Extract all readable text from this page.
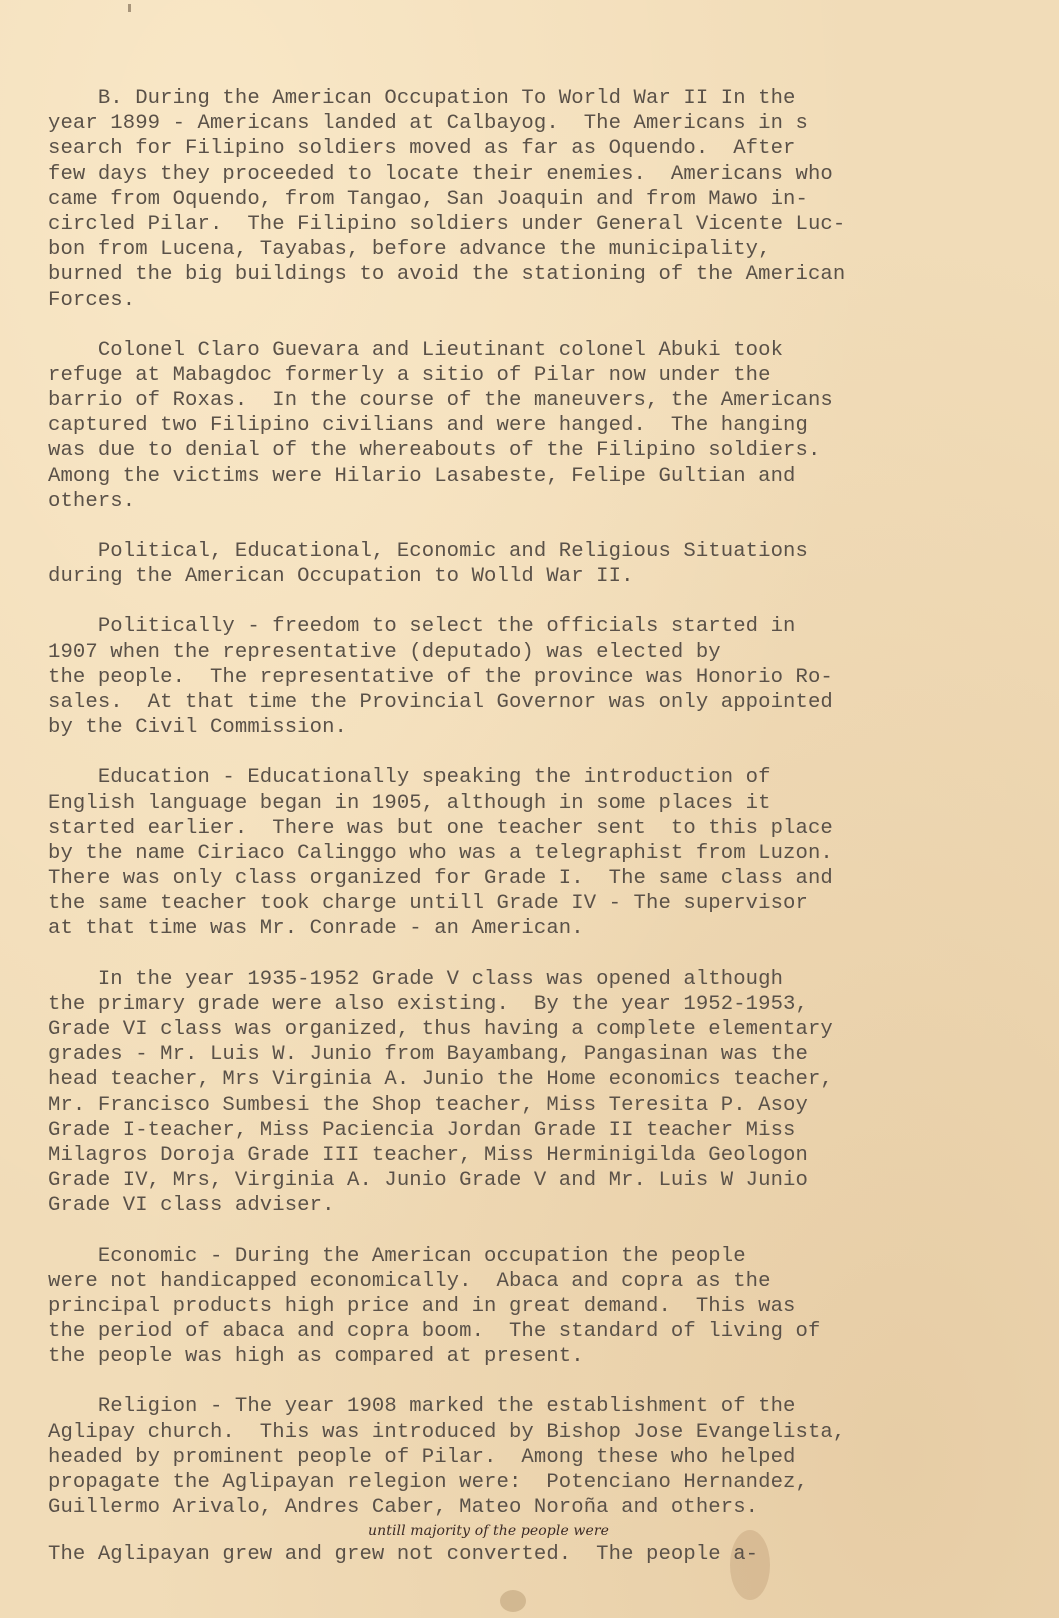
B. During the American Occupation To World War II In the
year 1899 - Americans landed at Calbayog.  The Americans in s
search for Filipino soldiers moved as far as Oquendo.  After
few days they proceeded to locate their enemies.  Americans who
came from Oquendo, from Tangao, San Joaquin and from Mawo in-
circled Pilar.  The Filipino soldiers under General Vicente Luc-
bon from Lucena, Tayabas, before advance the municipality,
burned the big buildings to avoid the stationing of the American
Forces.
Colonel Claro Guevara and Lieutinant colonel Abuki took
refuge at Mabagdoc formerly a sitio of Pilar now under the
barrio of Roxas.  In the course of the maneuvers, the Americans
captured two Filipino civilians and were hanged.  The hanging
was due to denial of the whereabouts of the Filipino soldiers.
Among the victims were Hilario Lasabeste, Felipe Gultian and
others.
Political, Educational, Economic and Religious Situations
during the American Occupation to Wolld War II.
Politically - freedom to select the officials started in
1907 when the representative (deputado) was elected by
the people.  The representative of the province was Honorio Ro-
sales.  At that time the Provincial Governor was only appointed
by the Civil Commission.
Education - Educationally speaking the introduction of
English language began in 1905, although in some places it
started earlier.  There was but one teacher sent  to this place
by the name Ciriaco Calinggo who was a telegraphist from Luzon.
There was only class organized for Grade I.  The same class and
the same teacher took charge untill Grade IV - The supervisor
at that time was Mr. Conrade - an American.
In the year 1935-1952 Grade V class was opened although
the primary grade were also existing.  By the year 1952-1953,
Grade VI class was organized, thus having a complete elementary
grades - Mr. Luis W. Junio from Bayambang, Pangasinan was the
head teacher, Mrs Virginia A. Junio the Home economics teacher,
Mr. Francisco Sumbesi the Shop teacher, Miss Teresita P. Asoy
Grade I-teacher, Miss Paciencia Jordan Grade II teacher Miss
Milagros Doroja Grade III teacher, Miss Herminigilda Geologon
Grade IV, Mrs, Virginia A. Junio Grade V and Mr. Luis W Junio
Grade VI class adviser.
Economic - During the American occupation the people
were not handicapped economically.  Abaca and copra as the
principal products high price and in great demand.  This was
the period of abaca and copra boom.  The standard of living of
the people was high as compared at present.
Religion - The year 1908 marked the establishment of the
Aglipay church.  This was introduced by Bishop Jose Evangelista,
headed by prominent people of Pilar.  Among these who helped
propagate the Aglipayan relegion were:  Potenciano Hernandez,
Guillermo Arivalo, Andres Caber, Mateo Noroña and others.
untill majority of the people were
The Aglipayan grew and grew not converted.  The people a-
